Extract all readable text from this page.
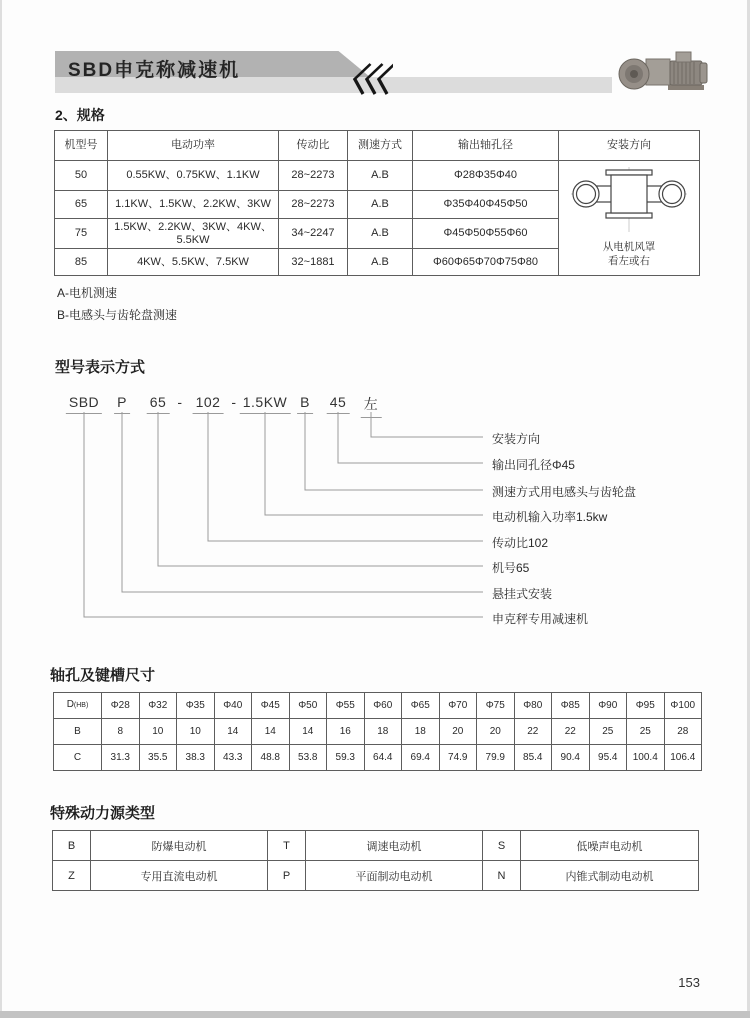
SBD申克称减速机
2、规格
机型号	电动功率	传动比	测速方式	输出轴孔径	安装方向
50	0.55KW、0.75KW、1.1KW	28~2273	A.B	Φ28Φ35Φ40	从电机风罩
看左或右

65	1.1KW、1.5KW、2.2KW、3KW	28~2273	A.B	Φ35Φ40Φ45Φ50	
75	1.5KW、2.2KW、3KW、4KW、5.5KW	34~2247	A.B	Φ45Φ50Φ55Φ60	
85	4KW、5.5KW、7.5KW	32~1881	A.B	Φ60Φ65Φ70Φ75Φ80	
A-电机测速
B-电感头与齿轮盘测速
型号表示方式
SBD P 65 - 102 - 1.5KW B 45 左
安装方向
输出同孔径Φ45
测速方式用电感头与齿轮盘
电动机输入功率1.5kw
传动比102
机号65
悬挂式安装
申克秤专用减速机
轴孔及键槽尺寸
D(HB)	Φ28	Φ32	Φ35	Φ40	Φ45	Φ50	Φ55	Φ60	Φ65	Φ70	Φ75	Φ80	Φ85	Φ90	Φ95	Φ100
B	8	10	10	14	14	14	16	18	18	20	20	22	22	25	25	28
C	31.3	35.5	38.3	43.3	48.8	53.8	59.3	64.4	69.4	74.9	79.9	85.4	90.4	95.4	100.4	106.4
特殊动力源类型
B	防爆电动机	T	调速电动机	S	低噪声电动机
Z	专用直流电动机	P	平面制动电动机	N	内锥式制动电动机
153
